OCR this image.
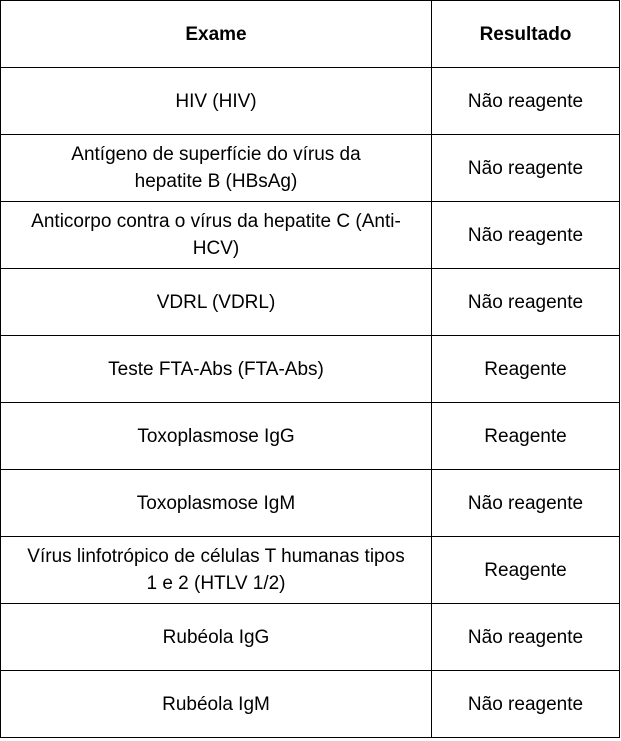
Exame	Resultado
HIV (HIV)	Não reagente
Antígeno de superfície do vírus da hepatite B (HBsAg)	Não reagente
Anticorpo contra o vírus da hepatite C (Anti-HCV)	Não reagente
VDRL (VDRL)	Não reagente
Teste FTA-Abs (FTA-Abs)	Reagente
Toxoplasmose IgG	Reagente
Toxoplasmose IgM	Não reagente
Vírus linfotrópico de células T humanas tipos 1 e 2 (HTLV 1/2)	Reagente
Rubéola IgG	Não reagente
Rubéola IgM	Não reagente
